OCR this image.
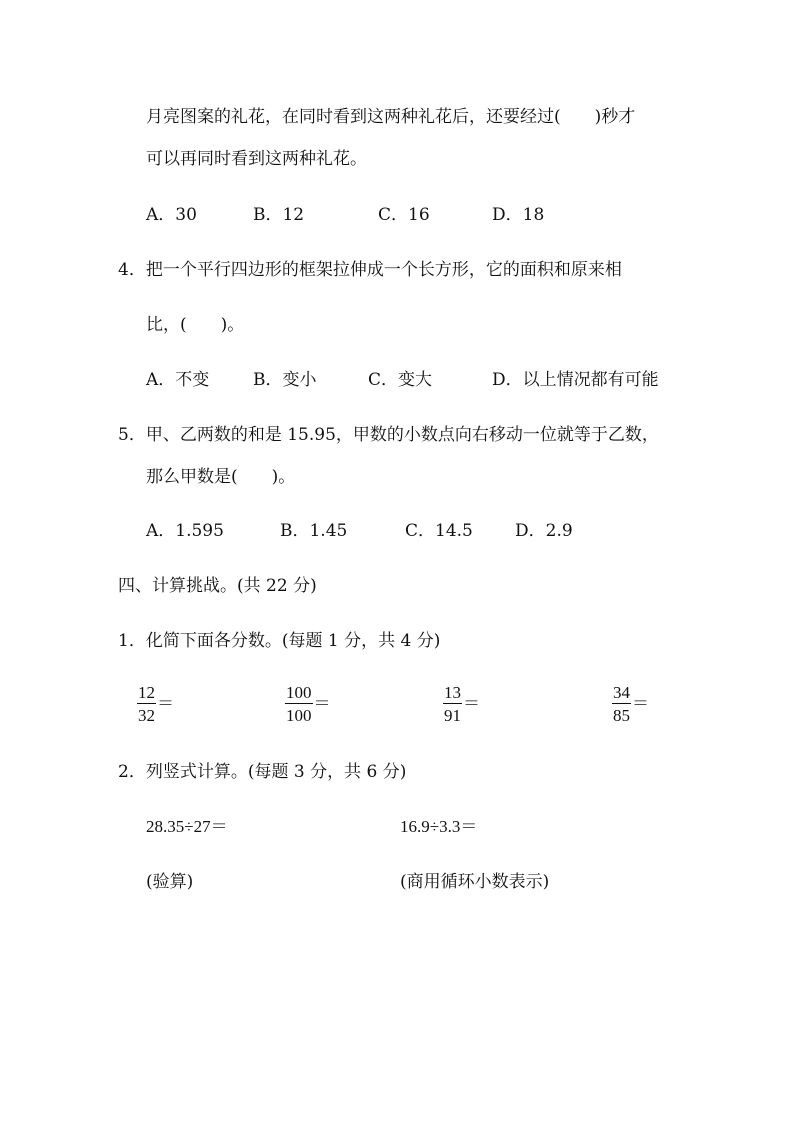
月亮图案的礼花，在同时看到这两种礼花后，还要经过(　　)秒才
可以再同时看到这两种礼花。
A．30	B．12	C．16	D．18
4．把一个平行四边形的框架拉伸成一个长方形，它的面积和原来相
比，(　　)。
A．不变	B．变小	C．变大	D．以上情况都有可能
5．甲、乙两数的和是 15.95，甲数的小数点向右移动一位就等于乙数，
那么甲数是(　　)。
A．1.595	B．1.45	C．14.5 D．2.9
四、计算挑战。(共 22 分)
1．化简下面各分数。(每题 1 分，共 4 分)
$\frac{12}{32}$ ＝	$\frac{100}{100}$ ＝	$\frac{13}{91}$ ＝	$\frac{34}{85}$ ＝
2．列竖式计算。(每题 3 分，共 6 分)
28.35÷27＝	16.9÷3.3＝
(验算)	(商用循环小数表示)
